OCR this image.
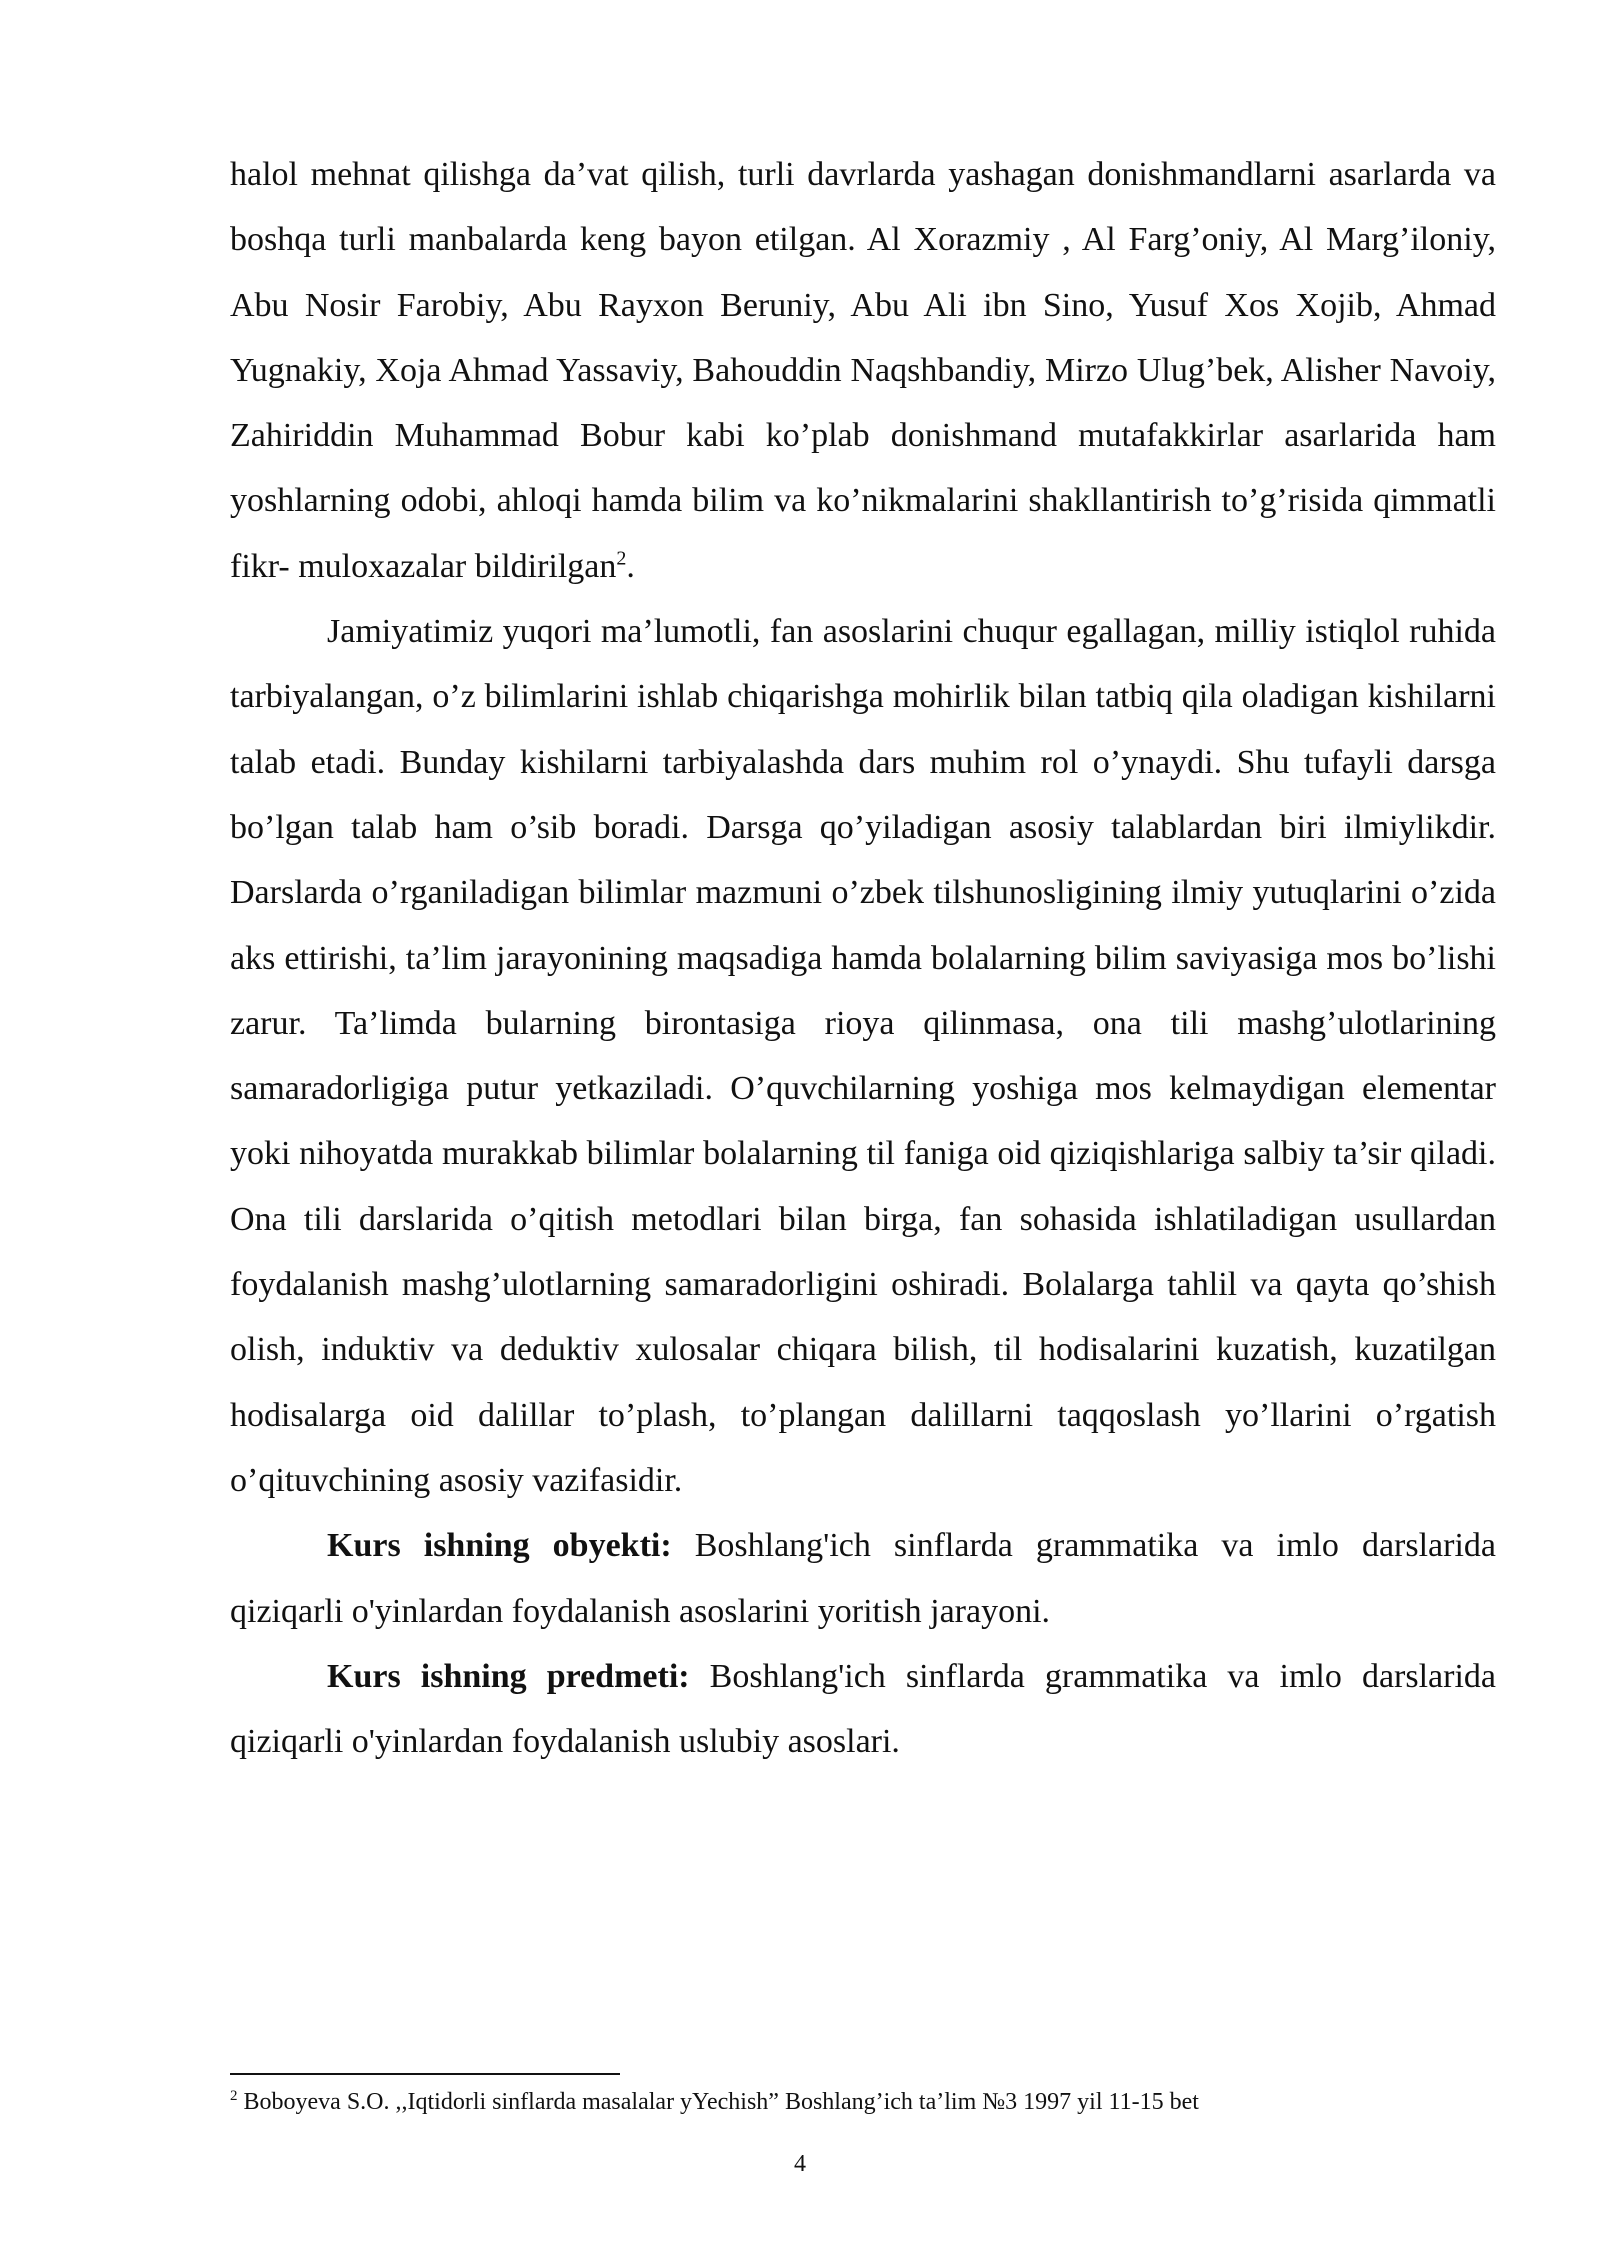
halol mehnat qilishga da’vat qilish, turli davrlarda yashagan donishmandlarni asarlarda va boshqa turli manbalarda keng bayon etilgan. Al Xorazmiy , Al Farg’oniy, Al Marg’iloniy, Abu Nosir Farobiy, Abu Rayxon Beruniy, Abu Ali ibn Sino, Yusuf Xos Xojib, Ahmad Yugnakiy, Xoja Ahmad Yassaviy, Bahouddin Naqshbandiy, Mirzo Ulug’bek, Alisher Navoiy, Zahiriddin Muhammad Bobur kabi ko’plab donishmand mutafakkirlar asarlarida ham yoshlarning odobi, ahloqi hamda bilim va ko’nikmalarini shakllantirish to’g’risida qimmatli fikr- muloxazalar bildirilgan$^2$.

Jamiyatimiz yuqori ma’lumotli, fan asoslarini chuqur egallagan, milliy istiqlol ruhida tarbiyalangan, o’z bilimlarini ishlab chiqarishga mohirlik bilan tatbiq qila oladigan kishilarni talab etadi. Bunday kishilarni tarbiyalashda dars muhim rol o’ynaydi. Shu tufayli darsga bo’lgan talab ham o’sib boradi. Darsga qo’yiladigan asosiy talablardan biri ilmiylikdir. Darslarda o’rganiladigan bilimlar mazmuni o’zbek tilshunosligining ilmiy yutuqlarini o’zida aks ettirishi, ta’lim jarayonining maqsadiga hamda bolalarning bilim saviyasiga mos bo’lishi zarur. Ta’limda bularning birontasiga rioya qilinmasa, ona tili mashg’ulotlarining samaradorligiga putur yetkaziladi. O’quvchilarning yoshiga mos kelmaydigan elementar yoki nihoyatda murakkab bilimlar bolalarning til faniga oid qiziqishlariga salbiy ta’sir qiladi. Ona tili darslarida o’qitish metodlari bilan birga, fan sohasida ishlatiladigan usullardan foydalanish mashg’ulotlarning samaradorligini oshiradi. Bolalarga tahlil va qayta qo’shish olish, induktiv va deduktiv xulosalar chiqara bilish, til hodisalarini kuzatish, kuzatilgan hodisalarga oid dalillar to’plash, to’plangan dalillarni taqqoslash yo’llarini o’rgatish o’qituvchining asosiy vazifasidir.

Kurs ishning obyekti: Boshlang'ich sinflarda grammatika va imlo darslarida qiziqarli o'yinlardan foydalanish asoslarini yoritish jarayoni.

Kurs ishning predmeti: Boshlang'ich sinflarda grammatika va imlo darslarida qiziqarli o'yinlardan foydalanish uslubiy asoslari.

$^2$ Boboyeva S.O. ,,Iqtidorli sinflarda masalalar yYechish” Boshlang’ich ta’lim №3 1997 yil 11-15 bet
4
